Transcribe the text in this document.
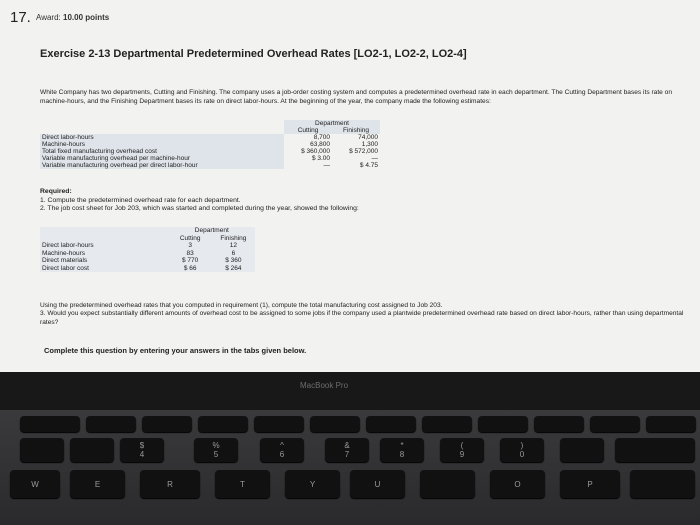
17. Award: 10.00 points
Exercise 2-13 Departmental Predetermined Overhead Rates [LO2-1, LO2-2, LO2-4]
White Company has two departments, Cutting and Finishing. The company uses a job-order costing system and computes a predetermined overhead rate in each department. The Cutting Department bases its rate on machine-hours, and the Finishing Department bases its rate on direct labor-hours. At the beginning of the year, the company made the following estimates:
	Department	
	Cutting	Finishing
Direct labor-hours	8,700	74,000
Machine-hours	63,800	1,300
Total fixed manufacturing overhead cost	$ 360,000	$ 572,000
Variable manufacturing overhead per machine-hour	$ 3.00	—
Variable manufacturing overhead per direct labor-hour	—	$ 4.75
Required:
1. Compute the predetermined overhead rate for each department.
2. The job cost sheet for Job 203, which was started and completed during the year, showed the following:
	Department	
	Cutting	Finishing
Direct labor-hours	3	12
Machine-hours	83	6
Direct materials	$ 770	$ 360
Direct labor cost	$ 66	$ 264
Using the predetermined overhead rates that you computed in requirement (1), compute the total manufacturing cost assigned to Job 203.
3. Would you expect substantially different amounts of overhead cost to be assigned to some jobs if the company used a plantwide predetermined overhead rate based on direct labor-hours, rather than using departmental rates?
Complete this question by entering your answers in the tabs given below.
MacBook Pro
$
4
%
5
^
6
&
7
*
8
(
9
)
0
W	E	R	T	Y	U	O	P
